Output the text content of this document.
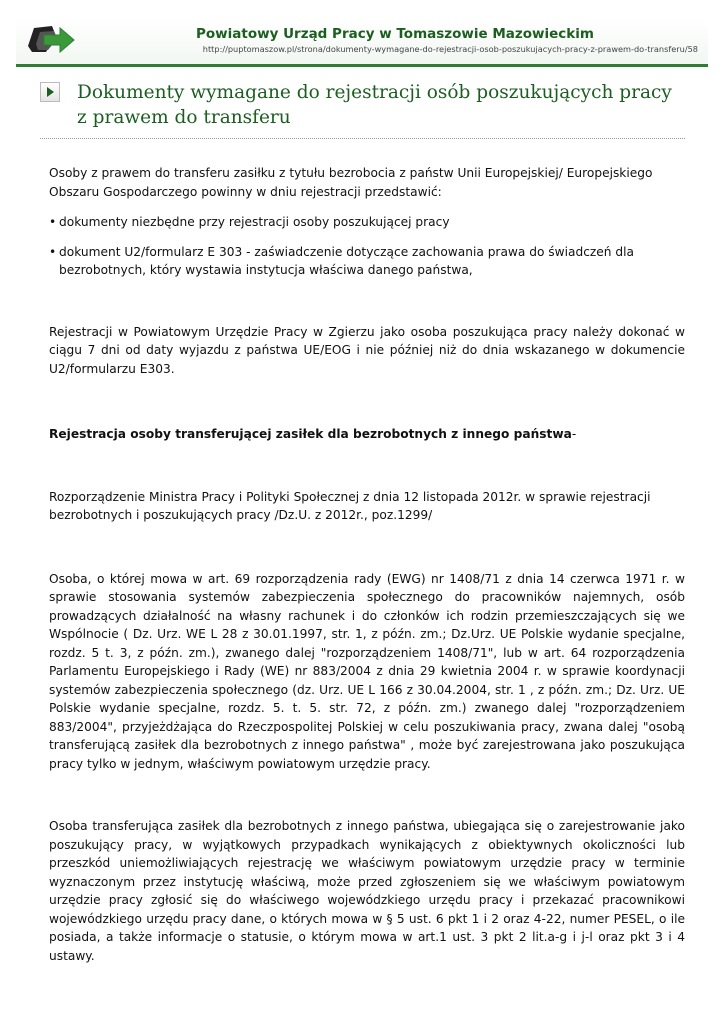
Powiatowy Urząd Pracy w Tomaszowie Mazowieckim
http://puptomaszow.pl/strona/dokumenty-wymagane-do-rejestracji-osob-poszukujacych-pracy-z-prawem-do-transferu/58
Dokumenty wymagane do rejestracji osób poszukujących pracy z prawem do transferu

Osoby z prawem do transferu zasiłku z tytułu bezrobocia z państw Unii Europejskiej/ Europejskiego Obszaru Gospodarczego powinny w dniu rejestracji przedstawić:

• dokumenty niezbędne przy rejestracji osoby poszukującej pracy
• dokument U2/formularz E 303 - zaświadczenie dotyczące zachowania prawa do świadczeń dla bezrobotnych, który wystawia instytucja właściwa danego państwa,

Rejestracji w Powiatowym Urzędzie Pracy w Zgierzu jako osoba poszukująca pracy należy dokonać w ciągu 7 dni od daty wyjazdu z państwa UE/EOG i nie później niż do dnia wskazanego w dokumencie U2/formularzu E303.

Rejestracja osoby transferującej zasiłek dla bezrobotnych z innego państwa-

Rozporządzenie Ministra Pracy i Polityki Społecznej z dnia 12 listopada 2012r. w sprawie rejestracji bezrobotnych i poszukujących pracy /Dz.U. z 2012r., poz.1299/

Osoba, o której mowa w art. 69 rozporządzenia rady (EWG) nr 1408/71 z dnia 14 czerwca 1971 r. w sprawie stosowania systemów zabezpieczenia społecznego do pracowników najemnych, osób prowadzących działalność na własny rachunek i do członków ich rodzin przemieszczających się we Wspólnocie ( Dz. Urz. WE L 28 z 30.01.1997, str. 1, z późn. zm.; Dz.Urz. UE Polskie wydanie specjalne, rozdz. 5 t. 3, z późn. zm.), zwanego dalej "rozporządzeniem 1408/71", lub w art. 64 rozporządzenia Parlamentu Europejskiego i Rady (WE) nr 883/2004 z dnia 29 kwietnia 2004 r. w sprawie koordynacji systemów zabezpieczenia społecznego (dz. Urz. UE L 166 z 30.04.2004, str. 1 , z późn. zm.; Dz. Urz. UE Polskie wydanie specjalne, rozdz. 5. t. 5. str. 72, z późn. zm.) zwanego dalej "rozporządzeniem 883/2004", przyjeżdżająca do Rzeczpospolitej Polskiej w celu poszukiwania pracy, zwana dalej "osobą transferującą zasiłek dla bezrobotnych z innego państwa" , może być zarejestrowana jako poszukująca pracy tylko w jednym, właściwym powiatowym urzędzie pracy.

Osoba transferująca zasiłek dla bezrobotnych z innego państwa, ubiegająca się o zarejestrowanie jako poszukujący pracy, w wyjątkowych przypadkach wynikających z obiektywnych okoliczności lub przeszkód uniemożliwiających rejestrację we właściwym powiatowym urzędzie pracy w terminie wyznaczonym przez instytucję właściwą, może przed zgłoszeniem się we właściwym powiatowym urzędzie pracy zgłosić się do właściwego wojewódzkiego urzędu pracy i przekazać pracownikowi wojewódzkiego urzędu pracy dane, o których mowa w § 5 ust. 6 pkt 1 i 2 oraz 4-22, numer PESEL, o ile posiada, a także informacje o statusie, o którym mowa w art.1 ust. 3 pkt 2 lit.a-g i j-l oraz pkt 3 i 4 ustawy.
